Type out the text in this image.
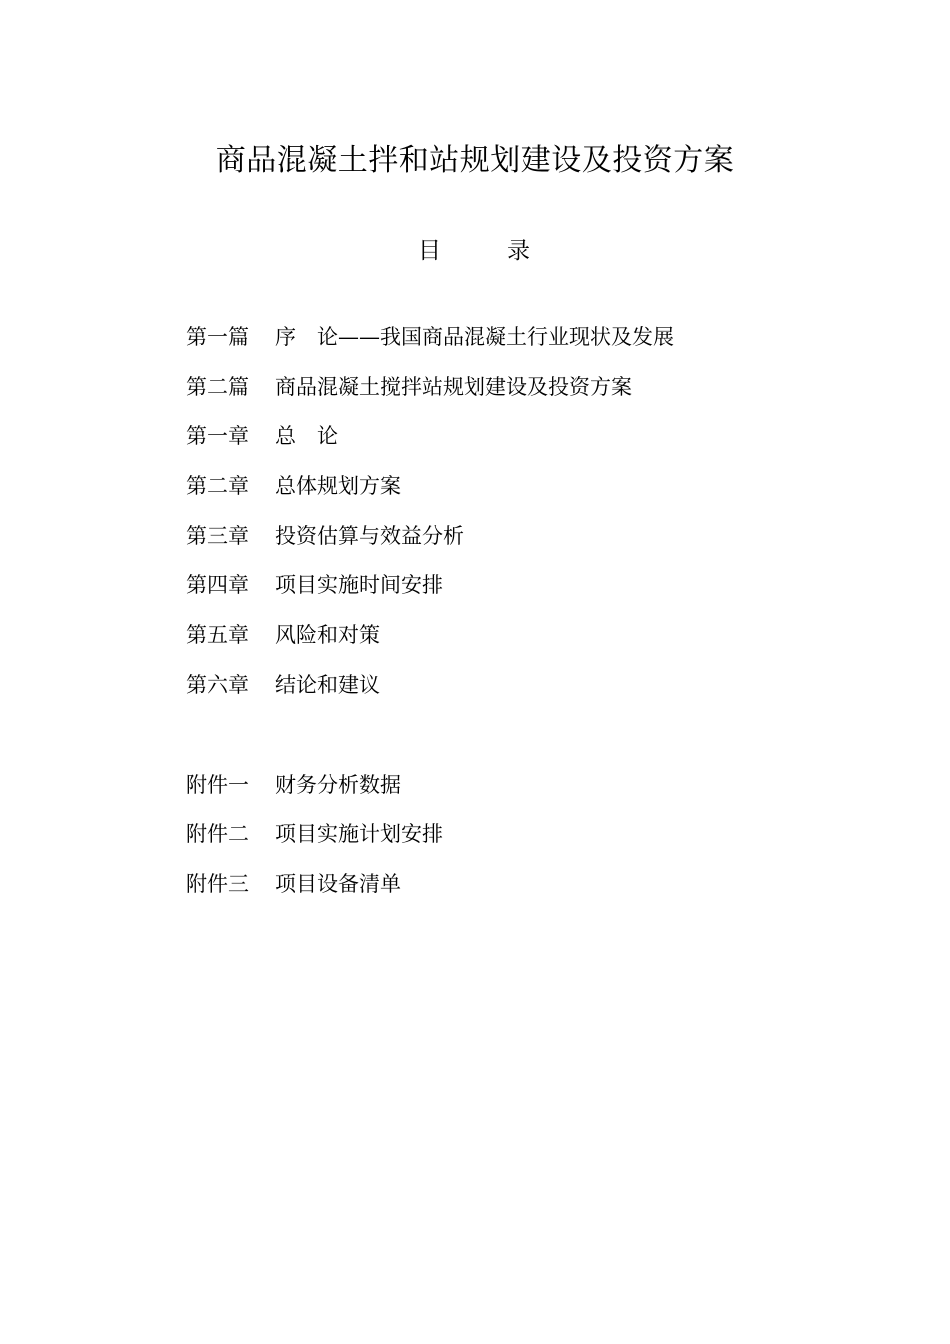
商品混凝土拌和站规划建设及投资方案
目	录
第一篇	序　论——我国商品混凝土行业现状及发展
第二篇	商品混凝土搅拌站规划建设及投资方案
第一章	总　论
第二章	总体规划方案
第三章	投资估算与效益分析
第四章	项目实施时间安排
第五章	风险和对策
第六章	结论和建议
附件一	财务分析数据
附件二	项目实施计划安排
附件三	项目设备清单
